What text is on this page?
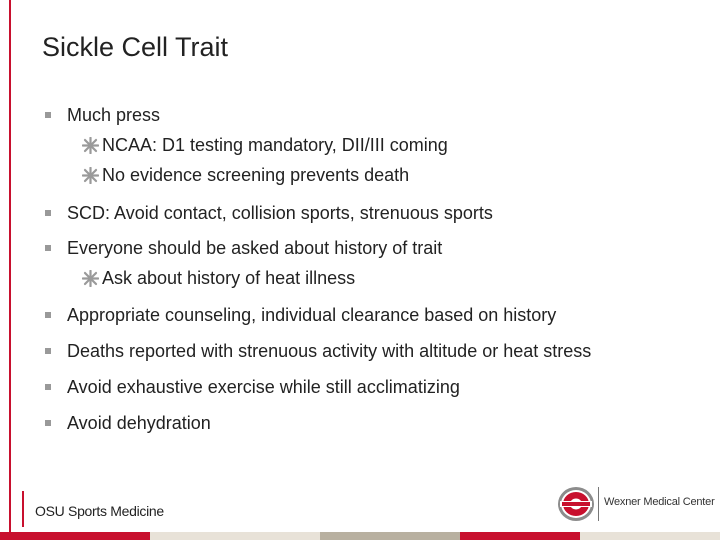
Sickle Cell Trait
Much press
NCAA: D1 testing mandatory, DII/III coming
No evidence screening prevents death
SCD: Avoid contact, collision sports, strenuous sports
Everyone should be asked about history of trait
Ask about history of heat illness
Appropriate counseling, individual clearance based on history
Deaths reported with strenuous activity with altitude or heat stress
Avoid exhaustive exercise while still acclimatizing
Avoid dehydration
OSU Sports Medicine
Wexner Medical Center
